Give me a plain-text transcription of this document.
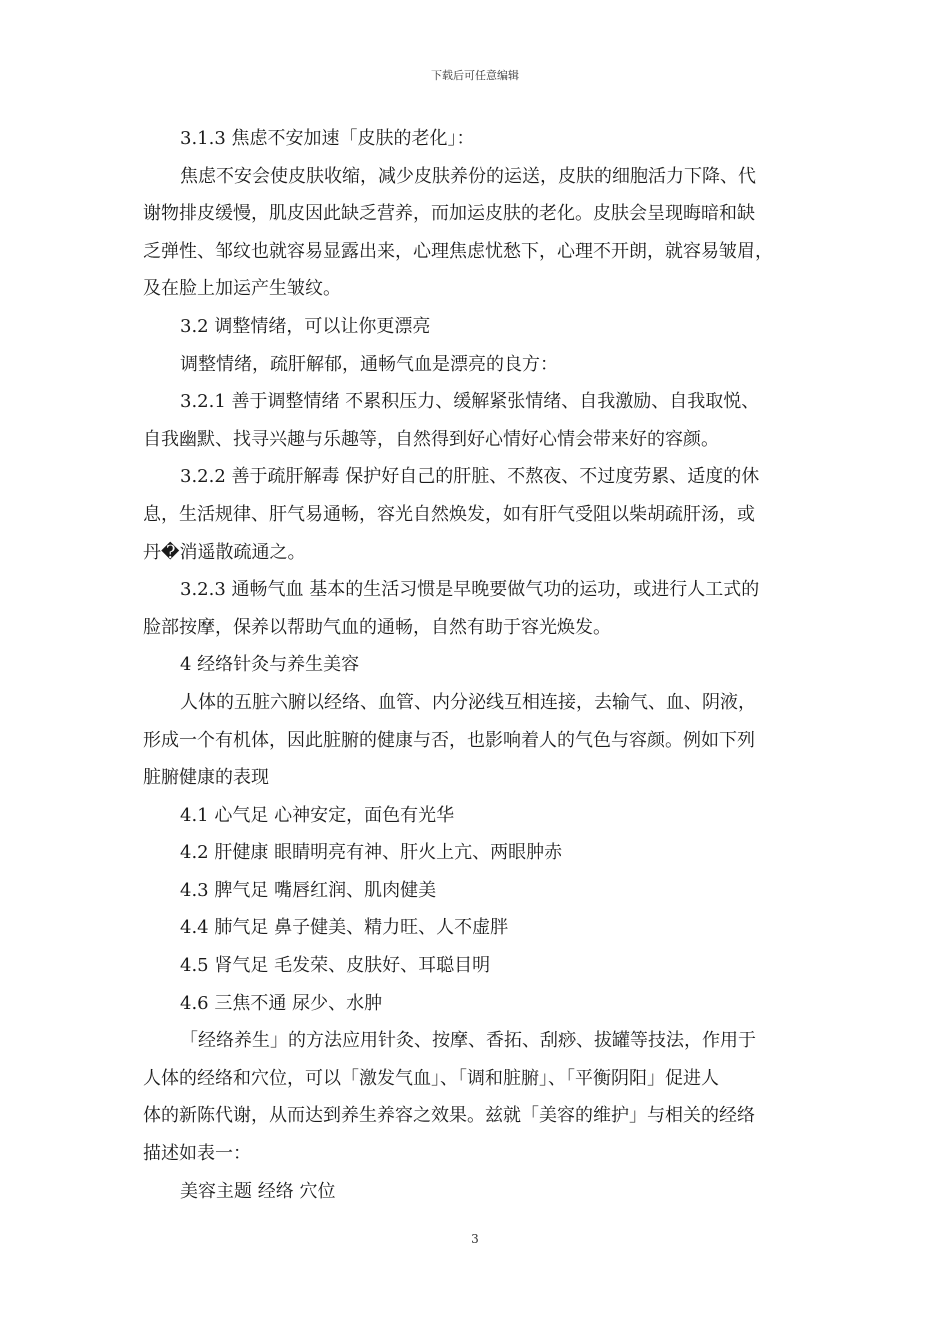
下载后可任意编辑
3.1.3 焦虑不安加速「皮肤的老化」：
焦虑不安会使皮肤收缩，减少皮肤养份的运送，皮肤的细胞活力下降、代
谢物排皮缓慢，肌皮因此缺乏营养，而加运皮肤的老化。皮肤会呈现晦暗和缺
乏弹性、邹纹也就容易显露出来，心理焦虑忧愁下，心理不开朗，就容易皱眉，
及在脸上加运产生皱纹。
3.2 调整情绪，可以让你更漂亮
调整情绪，疏肝解郁，通畅气血是漂亮的良方：
3.2.1 善于调整情绪 不累积压力、缓解紧张情绪、自我激励、自我取悦、
自我幽默、找寻兴趣与乐趣等，自然得到好心情好心情会带来好的容颜。
3.2.2 善于疏肝解毒 保护好自己的肝脏、不熬夜、不过度劳累、适度的休
息，生活规律、肝气易通畅，容光自然焕发，如有肝气受阻以柴胡疏肝汤，或
丹�消遥散疏通之。
3.2.3 通畅气血 基本的生活习惯是早晚要做气功的运功，或进行人工式的
脸部按摩，保养以帮助气血的通畅，自然有助于容光焕发。
4 经络针灸与养生美容
人体的五脏六腑以经络、血管、内分泌线互相连接，去输气、血、阴液，
形成一个有机体，因此脏腑的健康与否，也影响着人的气色与容颜。例如下列
脏腑健康的表现
4.1 心气足 心神安定，面色有光华
4.2 肝健康 眼睛明亮有神、肝火上亢、两眼肿赤
4.3 脾气足 嘴唇红润、肌肉健美
4.4 肺气足 鼻子健美、精力旺、人不虚胖
4.5 肾气足 毛发荣、皮肤好、耳聪目明
4.6 三焦不通 尿少、水肿
「经络养生」的方法应用针灸、按摩、香拓、刮痧、拔罐等技法，作用于
人体的经络和穴位，可以「激发气血」、「调和脏腑」、「平衡阴阳」促进人
体的新陈代谢，从而达到养生养容之效果。兹就「美容的维护」与相关的经络
描述如表一：
美容主题 经络 穴位
3
